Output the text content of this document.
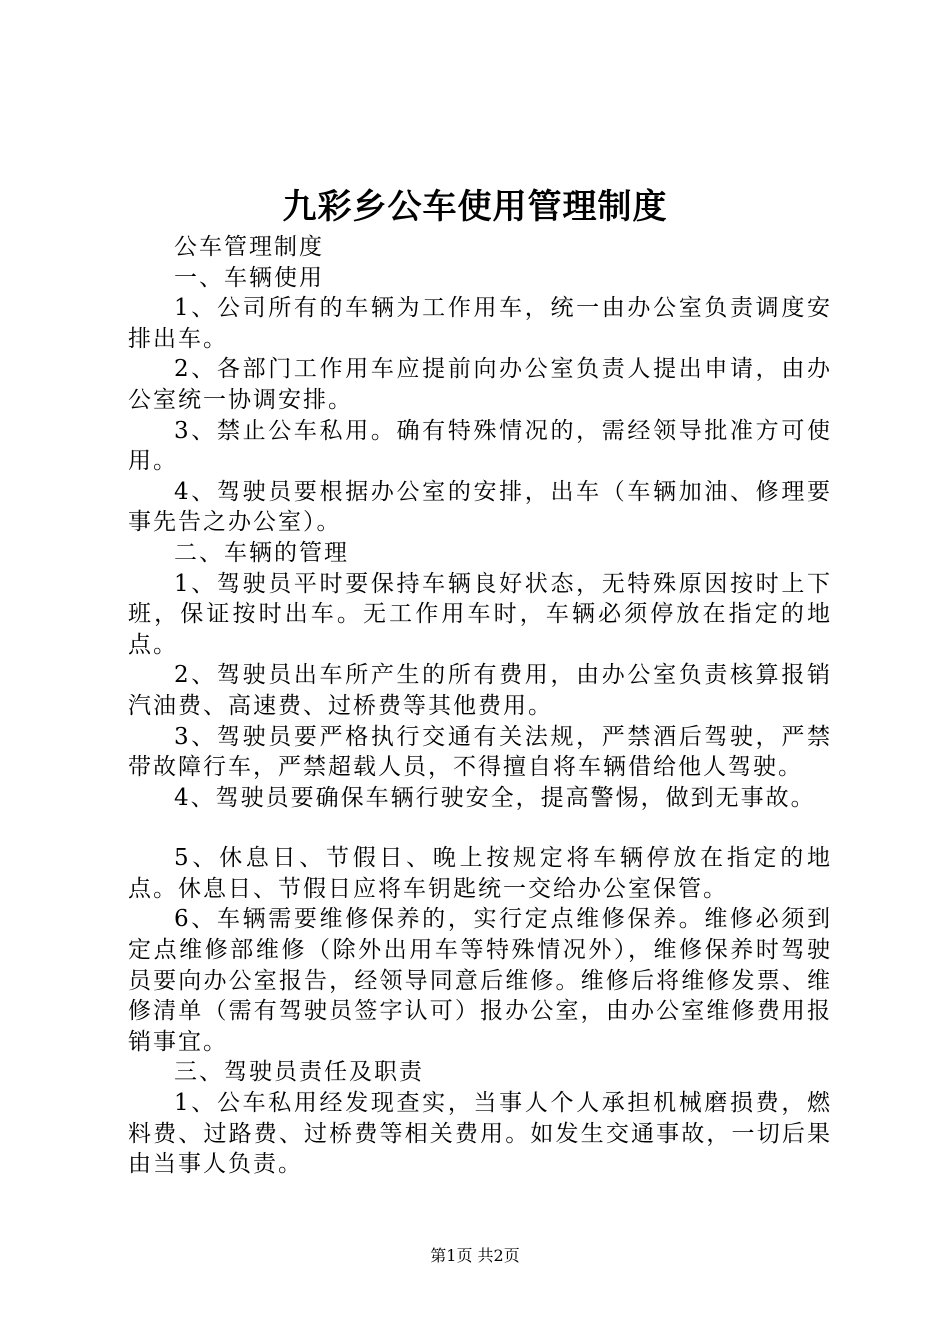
九彩乡公车使用管理制度

公车管理制度

一、车辆使用

1、公司所有的车辆为工作用车，统一由办公室负责调度安排出车。

2、各部门工作用车应提前向办公室负责人提出申请，由办公室统一协调安排。

3、禁止公车私用。确有特殊情况的，需经领导批准方可使用。

4、驾驶员要根据办公室的安排，出车（车辆加油、修理要事先告之办公室）。

二、车辆的管理

1、驾驶员平时要保持车辆良好状态，无特殊原因按时上下班，保证按时出车。无工作用车时，车辆必须停放在指定的地点。

2、驾驶员出车所产生的所有费用，由办公室负责核算报销汽油费、高速费、过桥费等其他费用。

3、驾驶员要严格执行交通有关法规，严禁酒后驾驶，严禁带故障行车，严禁超载人员，不得擅自将车辆借给他人驾驶。

4、驾驶员要确保车辆行驶安全，提高警惕，做到无事故。

5、休息日、节假日、晚上按规定将车辆停放在指定的地点。休息日、节假日应将车钥匙统一交给办公室保管。

6、车辆需要维修保养的，实行定点维修保养。维修必须到定点维修部维修（除外出用车等特殊情况外），维修保养时驾驶员要向办公室报告，经领导同意后维修。维修后将维修发票、维修清单（需有驾驶员签字认可）报办公室，由办公室维修费用报销事宜。

三、驾驶员责任及职责

1、公车私用经发现查实，当事人个人承担机械磨损费，燃料费、过路费、过桥费等相关费用。如发生交通事故，一切后果由当事人负责。

第1页 共2页
